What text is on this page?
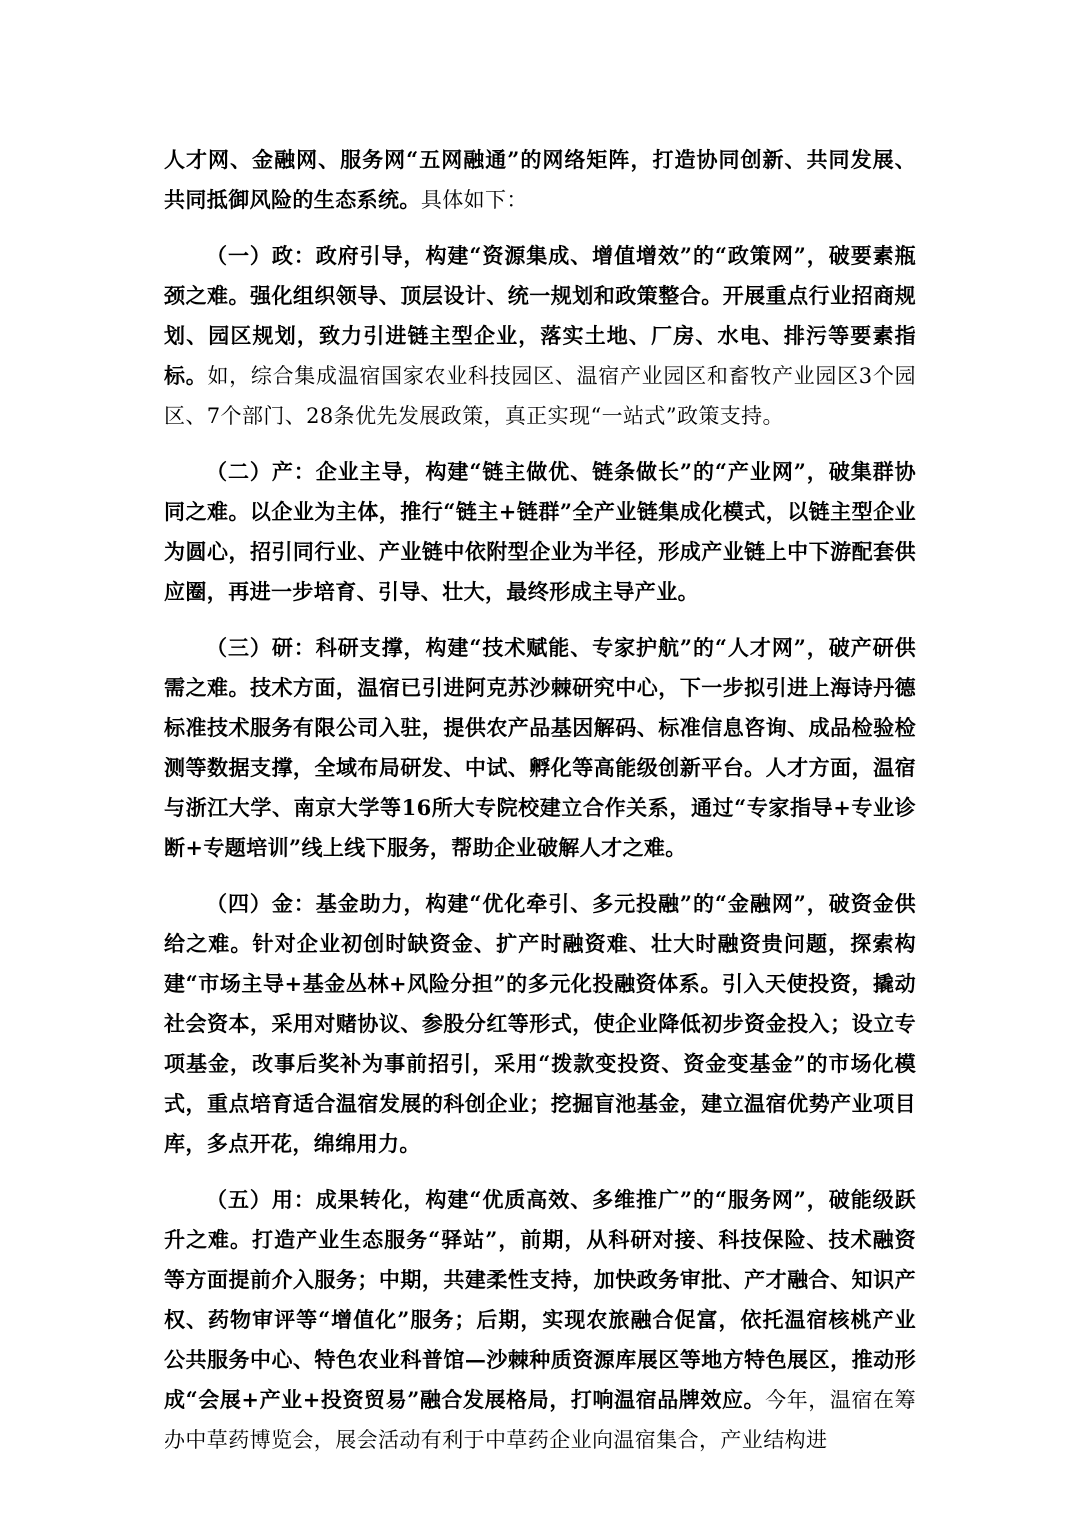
人才网、金融网、服务网“五网融通”的网络矩阵，打造协同创新、共同发展、共同抵御风险的生态系统。具体如下：

（一）政：政府引导，构建“资源集成、增值增效”的“政策网”，破要素瓶颈之难。强化组织领导、顶层设计、统一规划和政策整合。开展重点行业招商规划、园区规划，致力引进链主型企业，落实土地、厂房、水电、排污等要素指标。如，综合集成温宿国家农业科技园区、温宿产业园区和畜牧产业园区3个园区、7个部门、28条优先发展政策，真正实现“一站式”政策支持。

（二）产：企业主导，构建“链主做优、链条做长”的“产业网”，破集群协同之难。以企业为主体，推行“链主+链群”全产业链集成化模式，以链主型企业为圆心，招引同行业、产业链中依附型企业为半径，形成产业链上中下游配套供应圈，再进一步培育、引导、壮大，最终形成主导产业。

（三）研：科研支撑，构建“技术赋能、专家护航”的“人才网”，破产研供需之难。技术方面，温宿已引进阿克苏沙棘研究中心，下一步拟引进上海诗丹德标准技术服务有限公司入驻，提供农产品基因解码、标准信息咨询、成品检验检测等数据支撑，全域布局研发、中试、孵化等高能级创新平台。人才方面，温宿与浙江大学、南京大学等16所大专院校建立合作关系，通过“专家指导+专业诊断+专题培训”线上线下服务，帮助企业破解人才之难。

（四）金：基金助力，构建“优化牵引、多元投融”的“金融网”，破资金供给之难。针对企业初创时缺资金、扩产时融资难、壮大时融资贵问题，探索构建“市场主导+基金丛林+风险分担”的多元化投融资体系。引入天使投资，撬动社会资本，采用对赌协议、参股分红等形式，使企业降低初步资金投入；设立专项基金，改事后奖补为事前招引，采用“拨款变投资、资金变基金”的市场化模式，重点培育适合温宿发展的科创企业；挖掘盲池基金，建立温宿优势产业项目库，多点开花，绵绵用力。

（五）用：成果转化，构建“优质高效、多维推广”的“服务网”，破能级跃升之难。打造产业生态服务“驿站”，前期，从科研对接、科技保险、技术融资等方面提前介入服务；中期，共建柔性支持，加快政务审批、产才融合、知识产权、药物审评等“增值化”服务；后期，实现农旅融合促富，依托温宿核桃产业公共服务中心、特色农业科普馆—沙棘种质资源库展区等地方特色展区，推动形成“会展+产业+投资贸易”融合发展格局，打响温宿品牌效应。今年，温宿在筹办中草药博览会，展会活动有利于中草药企业向温宿集合，产业结构进
